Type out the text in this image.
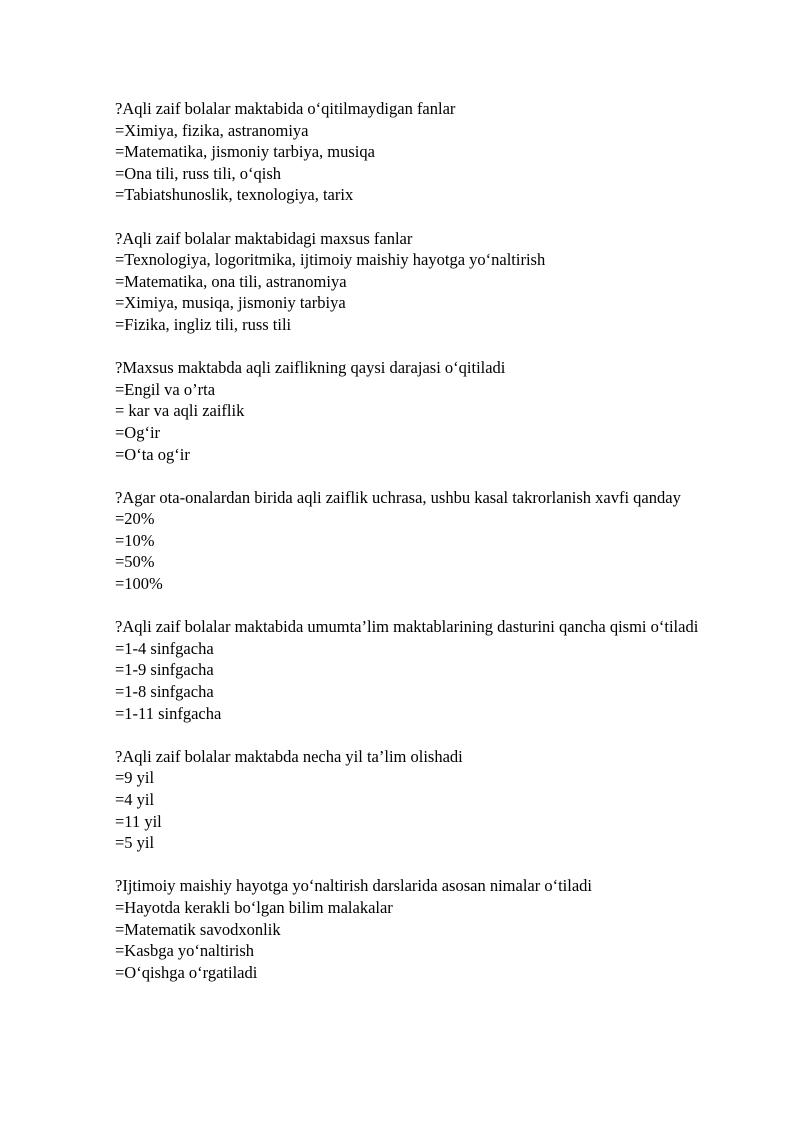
?Aqli zaif bolalar maktabida o‘qitilmaydigan fanlar

=Ximiya, fizika, astranomiya

=Matematika, jismoniy tarbiya, musiqa

=Ona tili, russ tili, o‘qish

=Tabiatshunoslik, texnologiya, tarix

?Aqli zaif bolalar maktabidagi maxsus fanlar

=Texnologiya, logoritmika, ijtimoiy maishiy hayotga yo‘naltirish

=Matematika, ona tili, astranomiya

=Ximiya, musiqa, jismoniy tarbiya

=Fizika, ingliz tili, russ tili

?Maxsus maktabda aqli zaiflikning qaysi darajasi o‘qitiladi

=Engil va o’rta

= kar va aqli zaiflik

=Og‘ir

=O‘ta og‘ir

?Agar ota-onalardan birida aqli zaiflik uchrasa, ushbu kasal takrorlanish xavfi qanday

=20%

=10%

=50%

=100%

?Aqli zaif bolalar maktabida umumta’lim maktablarining dasturini qancha qismi o‘tiladi

=1-4 sinfgacha

=1-9 sinfgacha

=1-8 sinfgacha

=1-11 sinfgacha

?Aqli zaif bolalar maktabda necha yil ta’lim olishadi

=9 yil

=4 yil

=11 yil

=5 yil

?Ijtimoiy maishiy hayotga yo‘naltirish darslarida asosan nimalar o‘tiladi

=Hayotda kerakli bo‘lgan bilim malakalar

=Matematik savodxonlik

=Kasbga yo‘naltirish

=O‘qishga o‘rgatiladi
